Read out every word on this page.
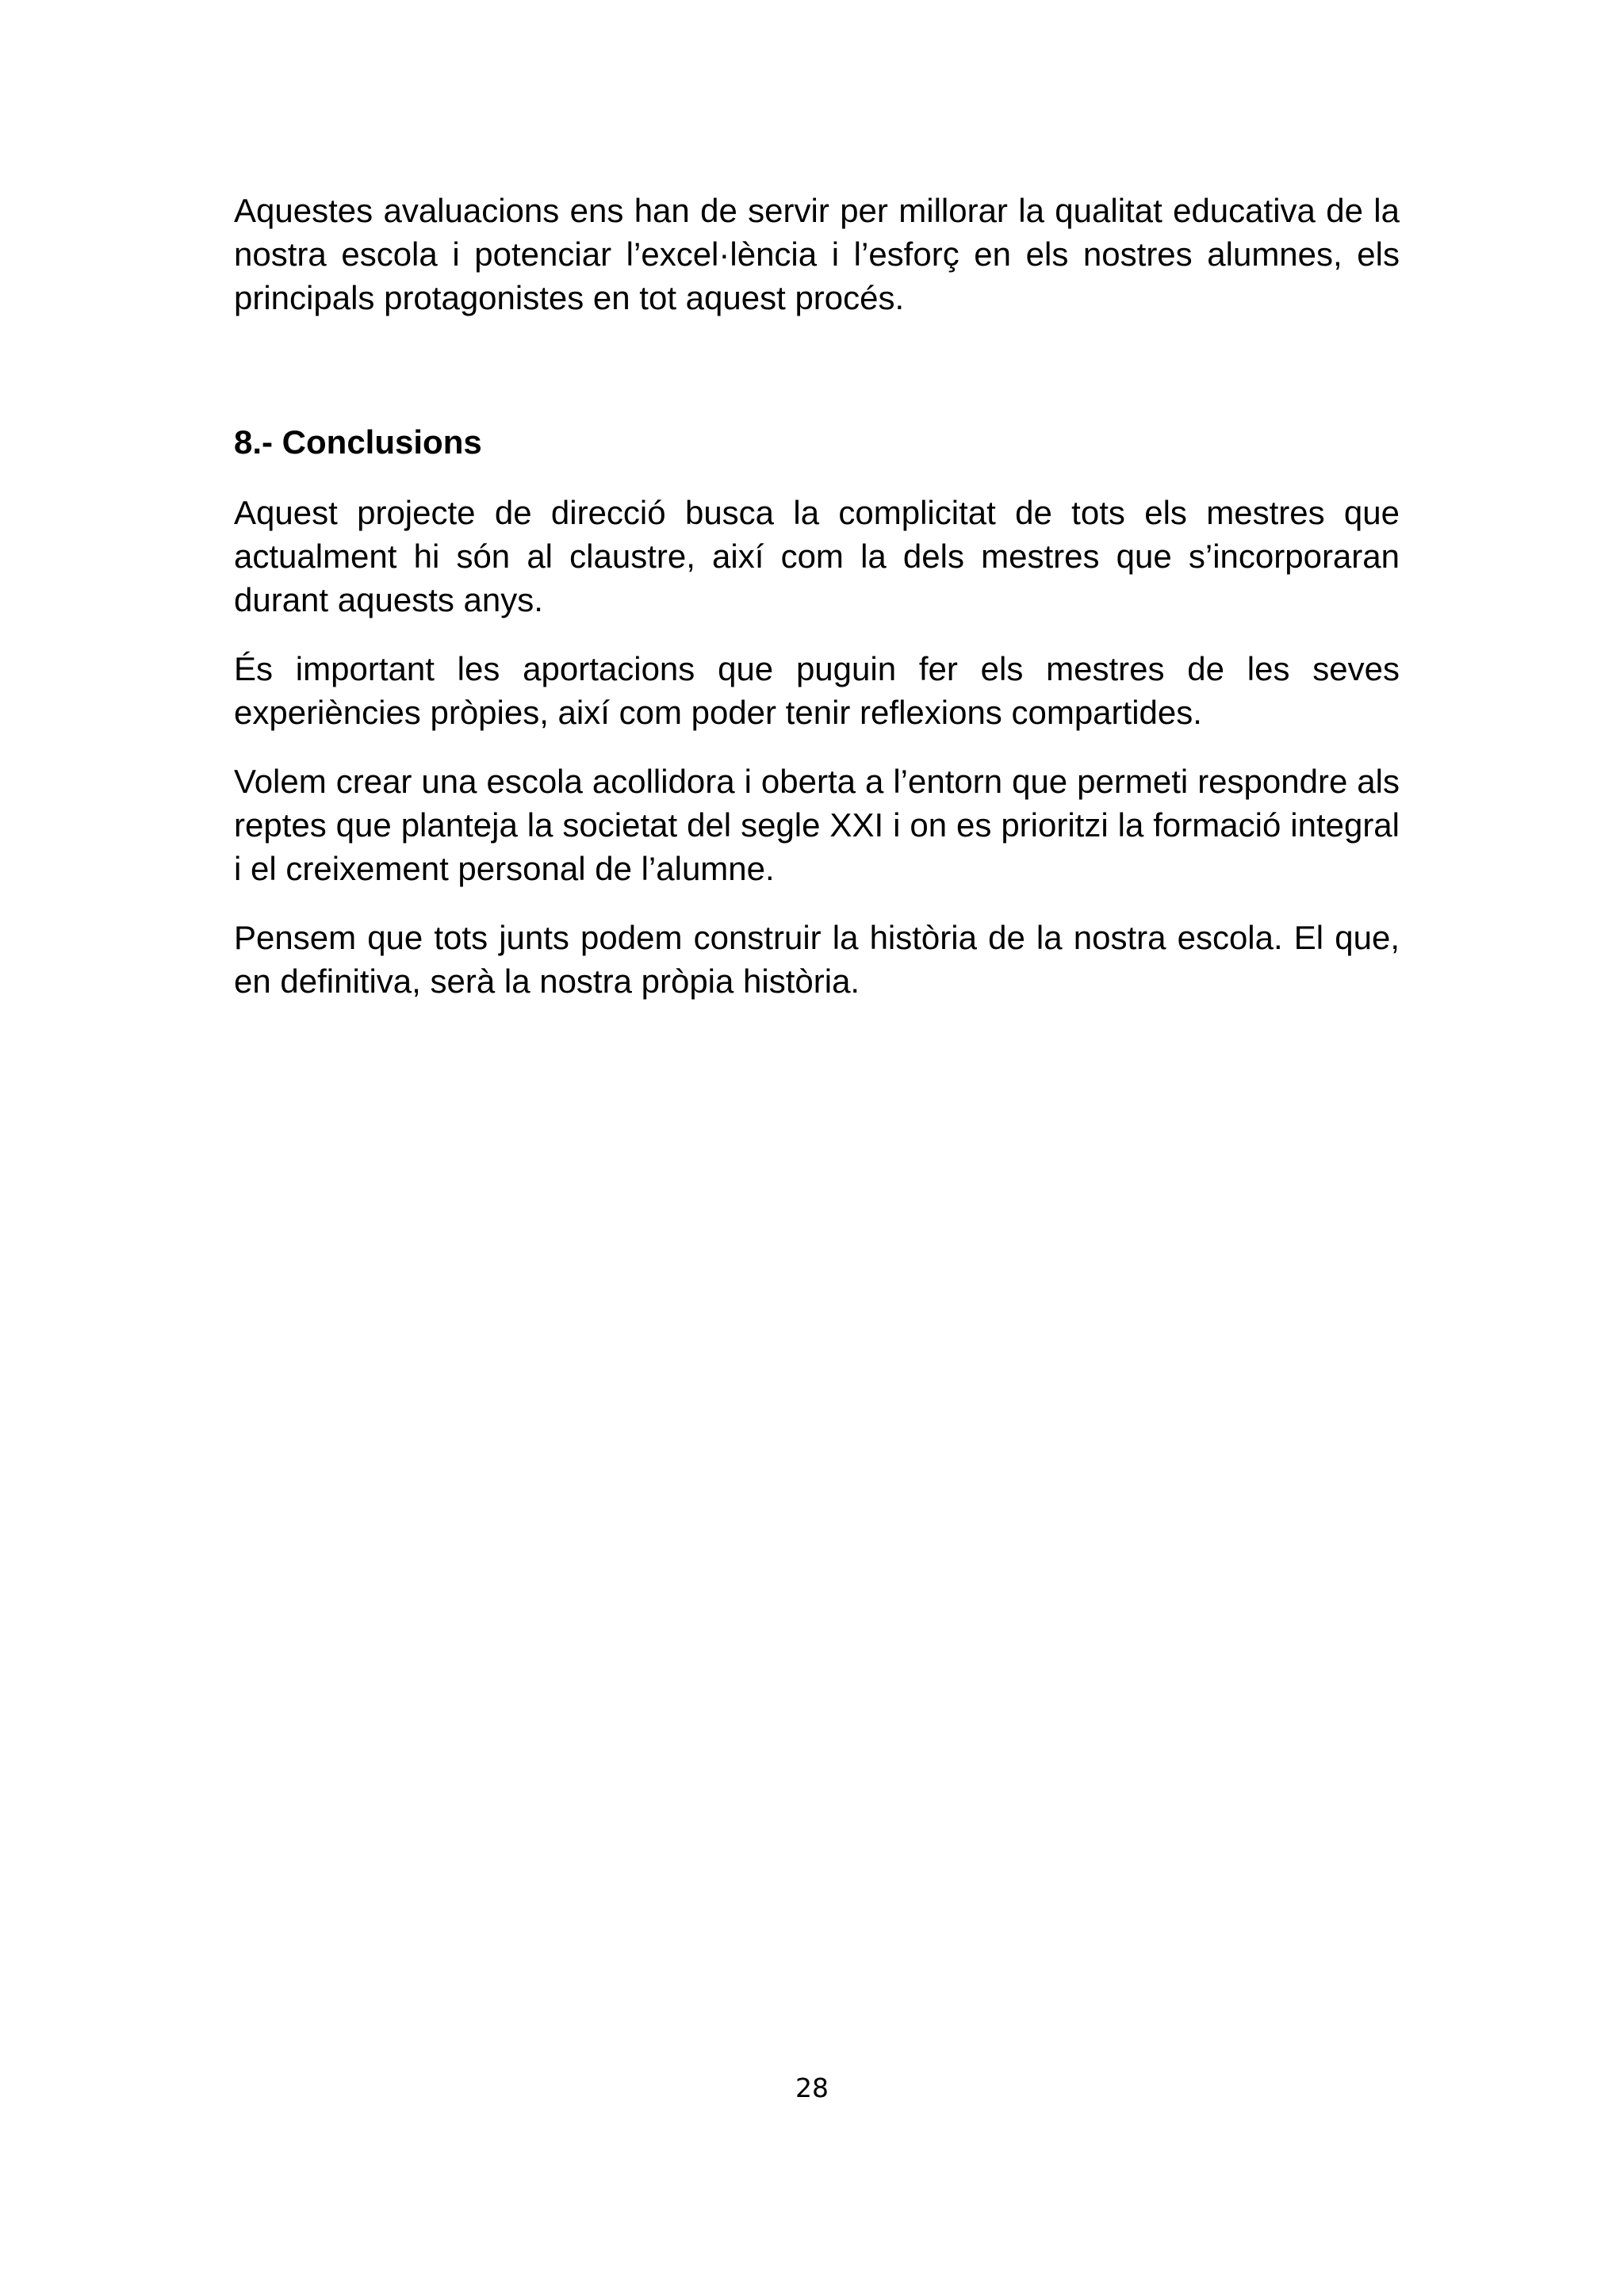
Aquestes avaluacions ens han de servir per millorar la qualitat educativa de la nostra escola i potenciar l’excel·lència i l’esforç en els nostres alumnes, els principals protagonistes en tot aquest procés.

8.- Conclusions

Aquest projecte de direcció busca la complicitat de tots els mestres que actualment hi són al claustre, així com la dels mestres que s’incorporaran durant aquests anys.

És important les aportacions que puguin fer els mestres de les seves experiències pròpies, així com poder tenir reflexions compartides.

Volem crear una escola acollidora i oberta a l’entorn que permeti respondre als reptes que planteja la societat del segle XXI i on es prioritzi la formació integral i el creixement personal de l’alumne.

Pensem que tots junts podem construir la història de la nostra escola. El que, en definitiva, serà la nostra pròpia història.

28
